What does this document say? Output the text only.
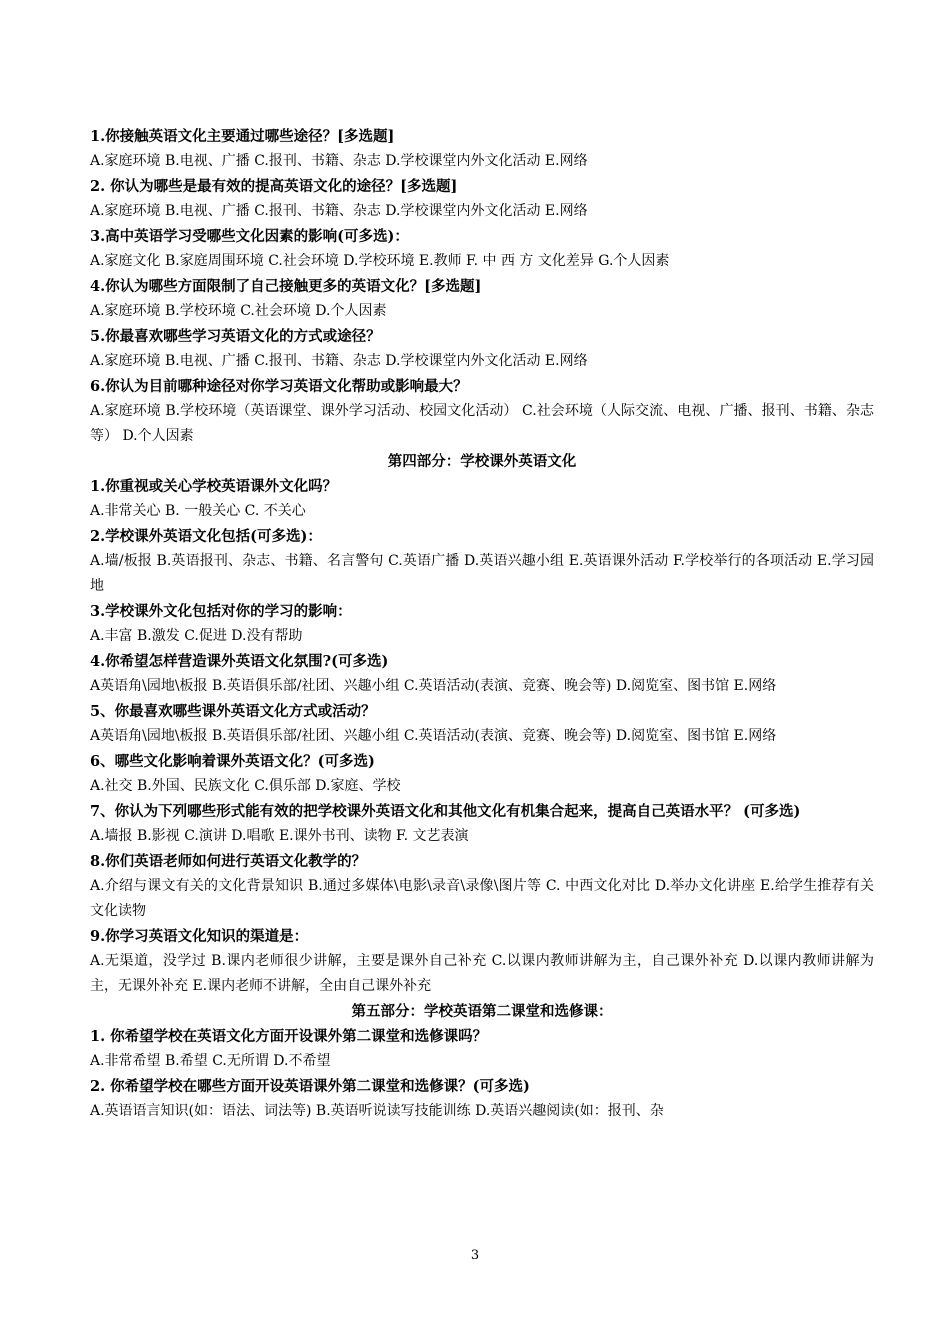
1.你接触英语文化主要通过哪些途径？[多选题]
A.家庭环境 B.电视、广播 C.报刊、书籍、杂志 D.学校课堂内外文化活动 E.网络
2. 你认为哪些是最有效的提高英语文化的途径？[多选题]
A.家庭环境 B.电视、广播 C.报刊、书籍、杂志 D.学校课堂内外文化活动 E.网络
3.高中英语学习受哪些文化因素的影响(可多选)：
A.家庭文化 B.家庭周围环境 C.社会环境 D.学校环境 E.教师 F. 中 西 方 文化差异 G.个人因素
4.你认为哪些方面限制了自己接触更多的英语文化？[多选题]
A.家庭环境 B.学校环境 C.社会环境 D.个人因素
5.你最喜欢哪些学习英语文化的方式或途径？
A.家庭环境 B.电视、广播 C.报刊、书籍、杂志 D.学校课堂内外文化活动 E.网络
6.你认为目前哪种途径对你学习英语文化帮助或影响最大？
A.家庭环境 B.学校环境（英语课堂、课外学习活动、校园文化活动） C.社会环境（人际交流、电视、广播、报刊、书籍、杂志等） D.个人因素
第四部分：学校课外英语文化
1.你重视或关心学校英语课外文化吗？
A.非常关心 B. 一般关心 C. 不关心
2.学校课外英语文化包括(可多选)：
A.墙/板报 B.英语报刊、杂志、书籍、名言警句 C.英语广播 D.英语兴趣小组 E.英语课外活动 F.学校举行的各项活动 E.学习园地
3.学校课外文化包括对你的学习的影响：
A.丰富 B.激发 C.促进 D.没有帮助
4.你希望怎样营造课外英语文化氛围?(可多选)
A英语角\园地\板报 B.英语俱乐部/社团、兴趣小组 C.英语活动(表演、竞赛、晚会等) D.阅览室、图书馆 E.网络
5、你最喜欢哪些课外英语文化方式或活动？
A英语角\园地\板报 B.英语俱乐部/社团、兴趣小组 C.英语活动(表演、竞赛、晚会等) D.阅览室、图书馆 E.网络
6、哪些文化影响着课外英语文化？(可多选)
A.社交 B.外国、民族文化 C.俱乐部 D.家庭、学校
7、你认为下列哪些形式能有效的把学校课外英语文化和其他文化有机集合起来，提高自己英语水平？ (可多选)
A.墙报 B.影视 C.演讲 D.唱歌 E.课外书刊、读物 F. 文艺表演
8.你们英语老师如何进行英语文化教学的？
A.介绍与课文有关的文化背景知识 B.通过多媒体\电影\录音\录像\图片等 C. 中西文化对比 D.举办文化讲座 E.给学生推荐有关文化读物
9.你学习英语文化知识的渠道是：
A.无渠道，没学过 B.课内老师很少讲解，主要是课外自己补充 C.以课内教师讲解为主，自己课外补充 D.以课内教师讲解为主，无课外补充 E.课内老师不讲解，全由自己课外补充
第五部分：学校英语第二课堂和选修课：
1. 你希望学校在英语文化方面开设课外第二课堂和选修课吗？
A.非常希望 B.希望 C.无所谓 D.不希望
2. 你希望学校在哪些方面开设英语课外第二课堂和选修课？(可多选)
A.英语语言知识(如：语法、词法等) B.英语听说读写技能训练 D.英语兴趣阅读(如：报刊、杂
3
